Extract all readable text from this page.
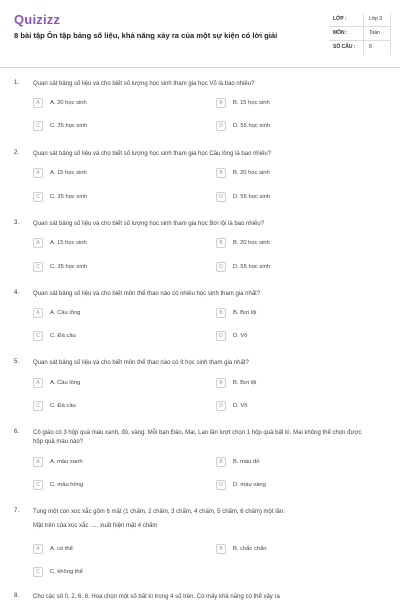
Quizizz
8 bài tập Ôn tập bảng số liệu, khả năng xảy ra của một sự kiện có lời giải
LỚP :	Lớp 3
MÔN :	Toán
SỐ CÂU :	8
1. Quan sát bảng số liệu và cho biết số lượng học sinh tham gia học Võ là bao nhiêu?
A	A. 20 học sinh	B	B. 15 học sinh
C	C. 35 học sinh	D	D. 55 học sinh
2. Quan sát bảng số liệu và cho biết số lượng học sinh tham gia học Cầu lông là bao nhiêu?
A	A. 15 học sinh	B	B. 20 học sinh
C	C. 35 học sinh	D	D. 55 học sinh
3. Quan sát bảng số liệu và cho biết số lượng học sinh tham gia học Bơi lội là bao nhiêu?
A	A. 15 học sinh	B	B. 20 học sinh
C	C. 35 học sinh	D	D. 55 học sinh
4. Quan sát bảng số liệu và cho biết môn thể thao nào có nhiều học sinh tham gia nhất?
A	A. Cầu lông	B	B. Bơi lội
C	C. Đá cầu	D	D. Võ
5. Quan sát bảng số liệu và cho biết môn thể thao nào có ít học sinh tham gia nhất?
A	A. Cầu lông	B	B. Bơi lội
C	C. Đá cầu	D	D. Võ
6. Cô giáo có 3 hộp quà màu xanh, đỏ, vàng. Mỗi bạn Đào, Mai, Lan lần lượt chọn 1 hộp quà bất kì. Mai không thể chọn được hộp quà màu nào?
A	A. màu xanh	B	B. màu đỏ
C	C. màu hồng	D	D. màu vàng
7. Tung một con xúc xắc gồm 6 mặt (1 chấm, 2 chấm, 3 chấm, 4 chấm, 5 chấm, 6 chấm) một lần.
Mặt trên của xúc xắc ..... xuất hiện mặt 4 chấm
A	A. có thể	B	B. chắc chắn
C	C. không thể
8. Cho các số 0, 2, 6, 8. Hoa chọn một số bất kì trong 4 số trên. Có mấy khả năng có thể xảy ra
